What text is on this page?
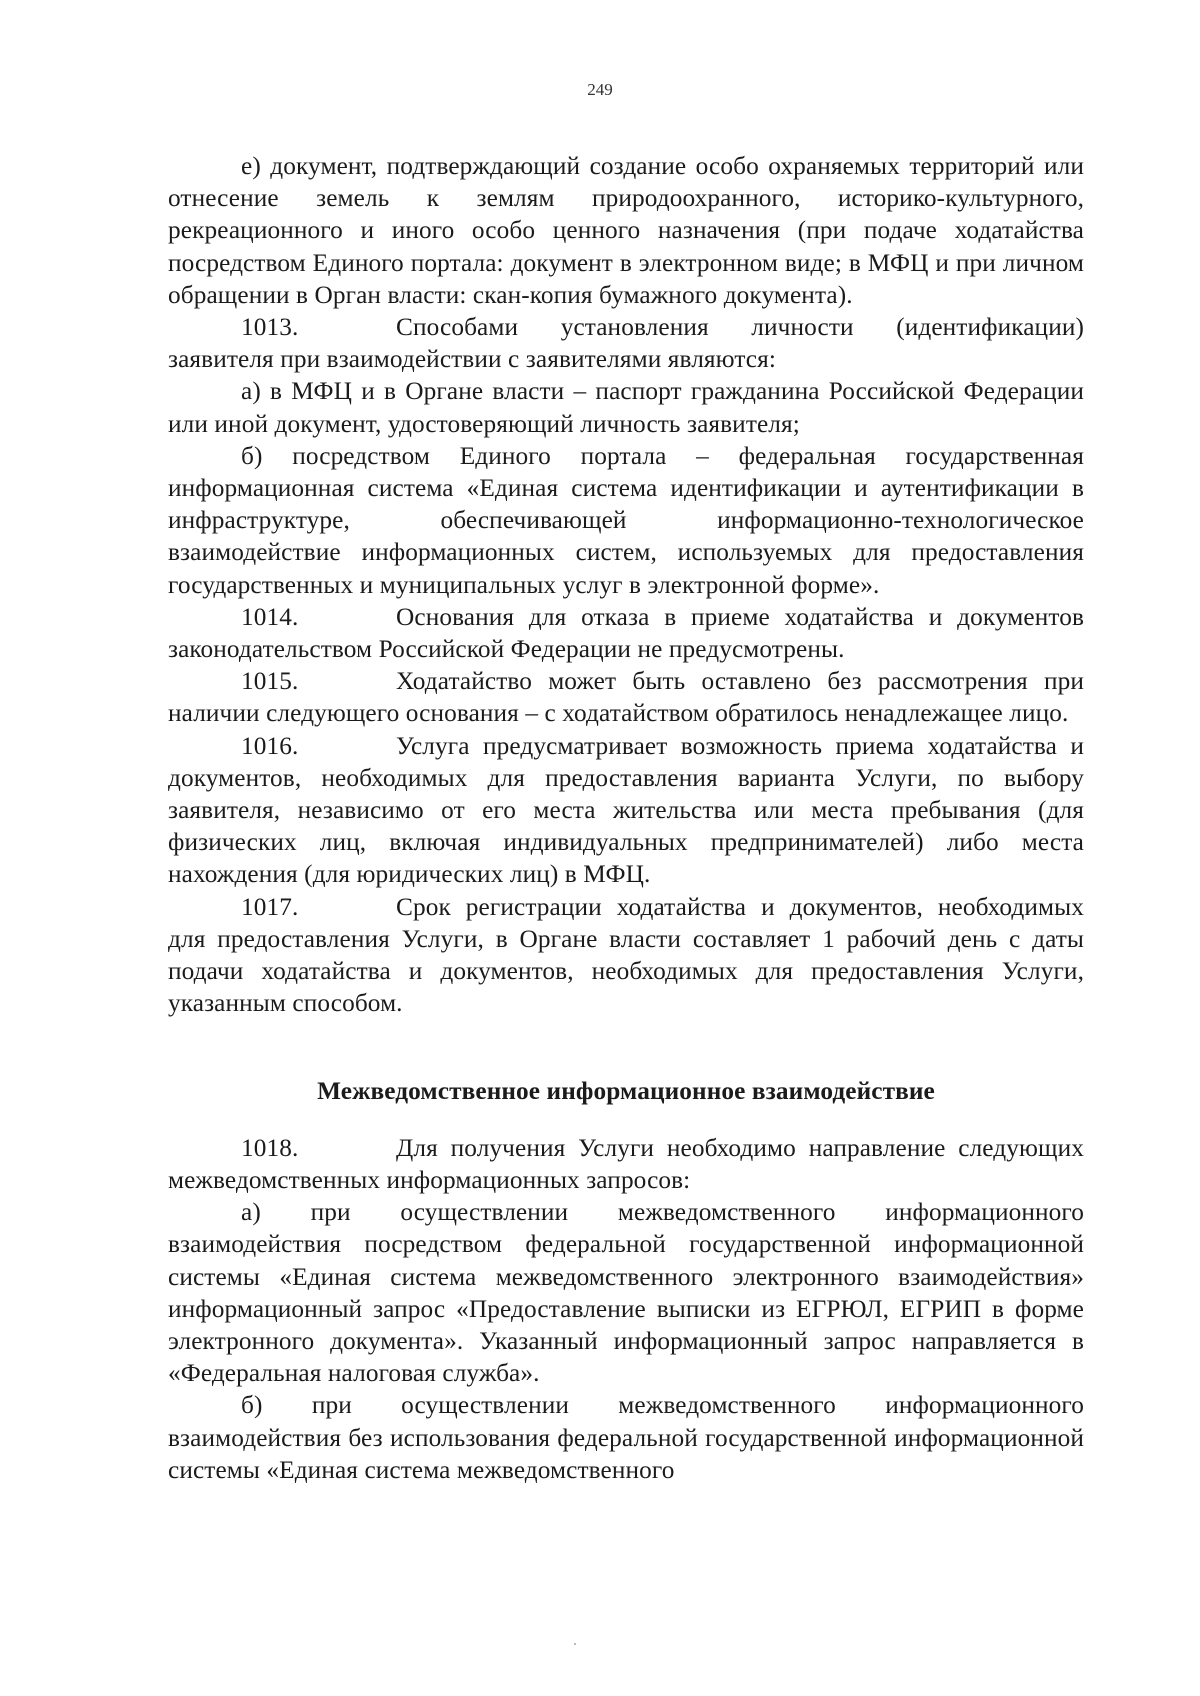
249

е) документ, подтверждающий создание особо охраняемых территорий или отнесение земель к землям природоохранного, историко-культурного, рекреационного и иного особо ценного назначения (при подаче ходатайства посредством Единого портала: документ в электронном виде; в МФЦ и при личном обращении в Орган власти: скан-копия бумажного документа).

1013.	Способами установления личности (идентификации) заявителя при взаимодействии с заявителями являются:

а) в МФЦ и в Органе власти – паспорт гражданина Российской Федерации или иной документ, удостоверяющий личность заявителя;

б) посредством Единого портала – федеральная государственная информационная система «Единая система идентификации и аутентификации в инфраструктуре, обеспечивающей информационно-технологическое взаимодействие информационных систем, используемых для предоставления государственных и муниципальных услуг в электронной форме».

1014.	Основания для отказа в приеме ходатайства и документов законодательством Российской Федерации не предусмотрены.

1015.	Ходатайство может быть оставлено без рассмотрения при наличии следующего основания – с ходатайством обратилось ненадлежащее лицо.

1016.	Услуга предусматривает возможность приема ходатайства и документов, необходимых для предоставления варианта Услуги, по выбору заявителя, независимо от его места жительства или места пребывания (для физических лиц, включая индивидуальных предпринимателей) либо места нахождения (для юридических лиц) в МФЦ.

1017.	Срок регистрации ходатайства и документов, необходимых для предоставления Услуги, в Органе власти составляет 1 рабочий день с даты подачи ходатайства и документов, необходимых для предоставления Услуги, указанным способом.

Межведомственное информационное взаимодействие

1018.	Для получения Услуги необходимо направление следующих межведомственных информационных запросов:

а) при осуществлении межведомственного информационного взаимодействия посредством федеральной государственной информационной системы «Единая система межведомственного электронного взаимодействия» информационный запрос «Предоставление выписки из ЕГРЮЛ, ЕГРИП в форме электронного документа». Указанный информационный запрос направляется в «Федеральная налоговая служба».

б) при осуществлении межведомственного информационного взаимодействия без использования федеральной государственной информационной системы «Единая система межведомственного
